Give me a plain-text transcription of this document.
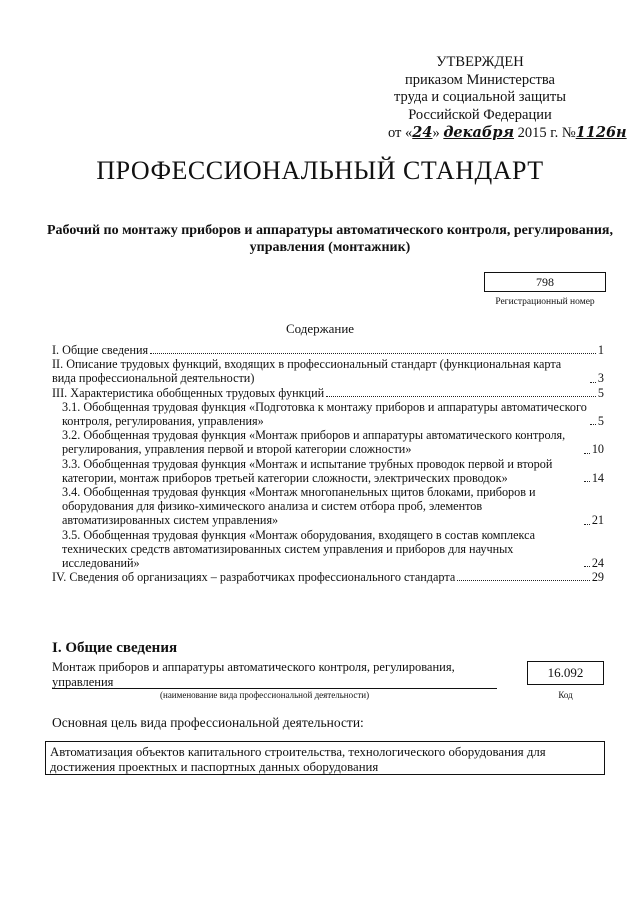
УТВЕРЖДЕН
приказом Министерства
труда и социальной защиты
Российской Федерации
от «24» декабря 2015 г. №1126н
ПРОФЕССИОНАЛЬНЫЙ СТАНДАРТ
Рабочий по монтажу приборов и аппаратуры автоматического контроля, регулирования, управления (монтажник)
798
Регистрационный номер
Содержание
I. Общие сведения	1
II. Описание трудовых функций, входящих в профессиональный стандарт (функциональная карта вида профессиональной деятельности)	3
III. Характеристика обобщенных трудовых функций	5
3.1. Обобщенная трудовая функция «Подготовка к монтажу приборов и аппаратуры автоматического контроля, регулирования, управления»	5
3.2. Обобщенная трудовая функция «Монтаж приборов и аппаратуры автоматического контроля, регулирования, управления первой и второй категории сложности»	10
3.3. Обобщенная трудовая функция «Монтаж и испытание трубных проводок первой и второй категории, монтаж приборов третьей категории сложности, электрических проводок»	14
3.4. Обобщенная трудовая функция «Монтаж многопанельных щитов блоками, приборов и оборудования для физико-химического анализа и систем отбора проб, элементов автоматизированных систем управления»	21
3.5. Обобщенная трудовая функция «Монтаж оборудования, входящего в состав комплекса технических средств автоматизированных систем управления и приборов для научных исследований»	24
IV. Сведения об организациях – разработчиках профессионального стандарта	29
I. Общие сведения
Монтаж приборов и аппаратуры автоматического контроля, регулирования, управления
(наименование вида профессиональной деятельности)
16.092
Код
Основная цель вида профессиональной деятельности:
Автоматизация объектов капитального строительства, технологического оборудования для достижения проектных и паспортных данных оборудования
